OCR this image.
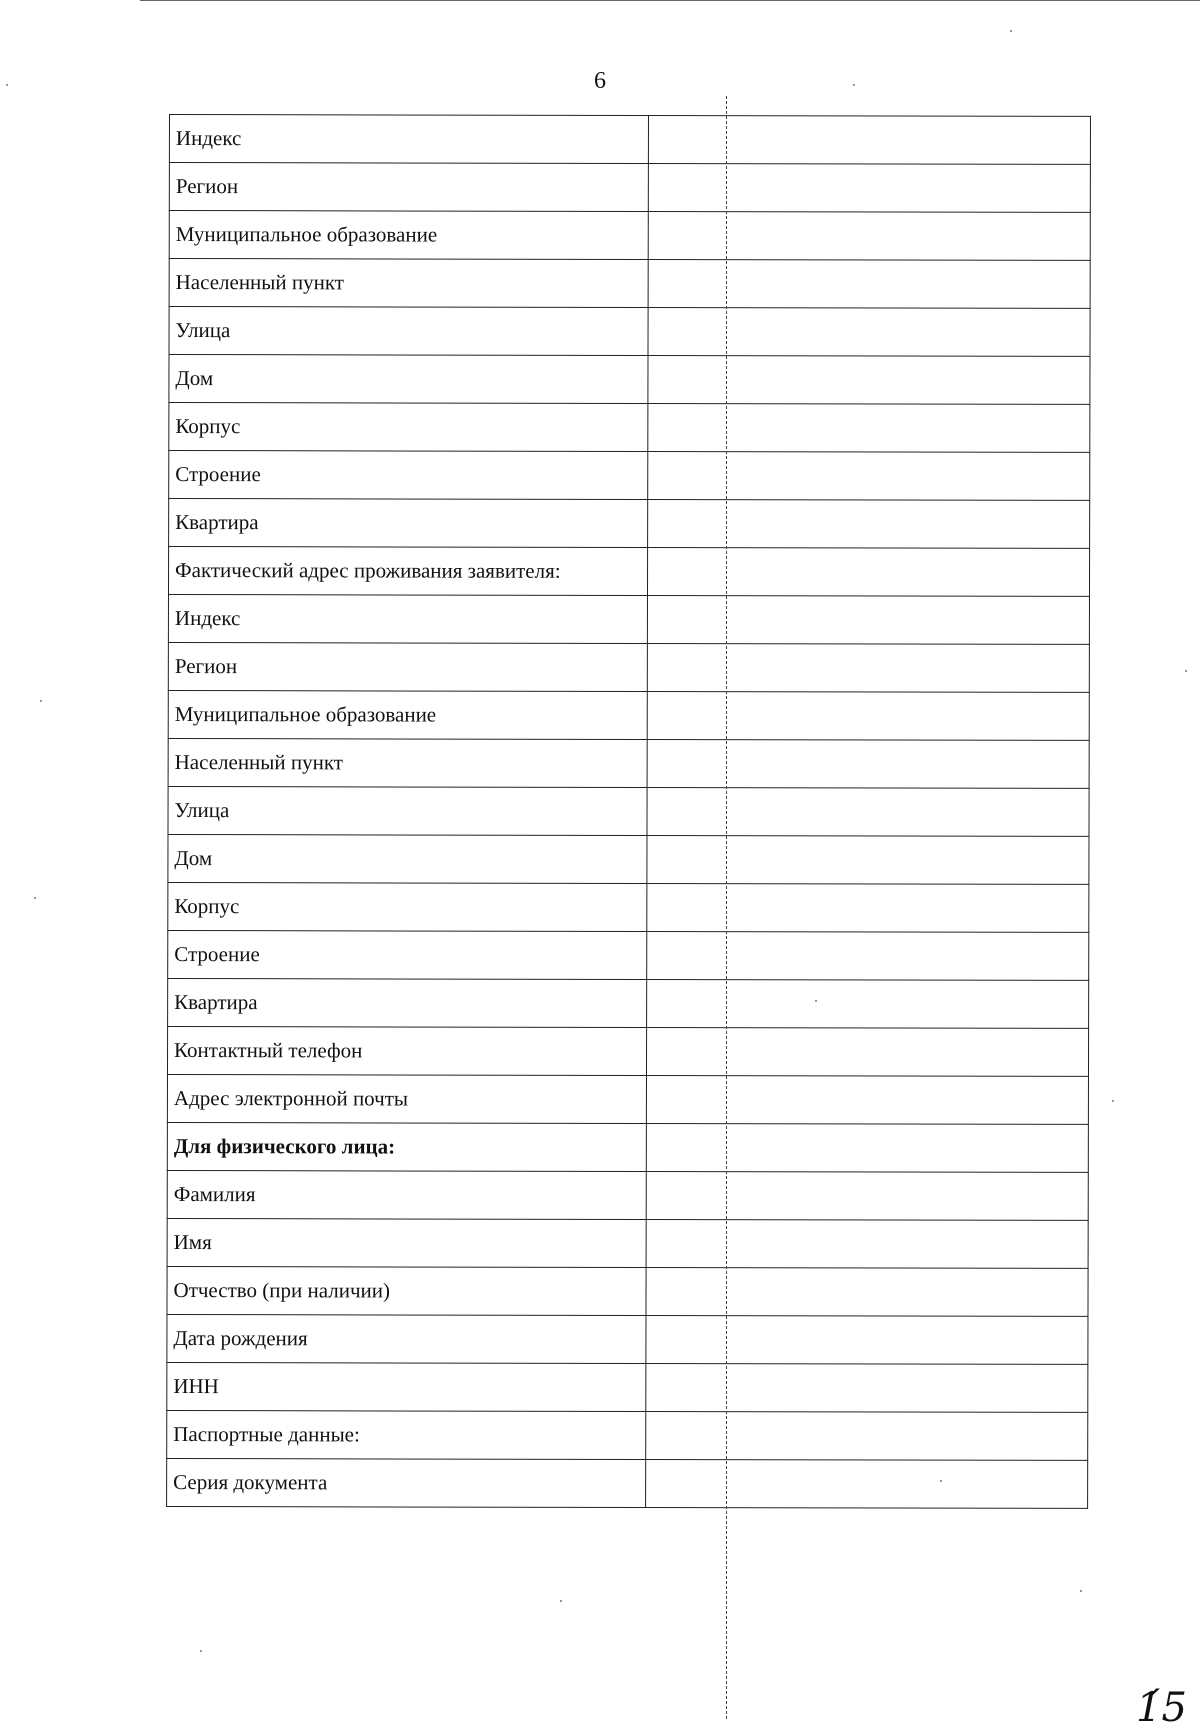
6
Индекс	
Регион	
Муниципальное образование	
Населенный пункт	
Улица	
Дом	
Корпус	
Строение	
Квартира	
Фактический адрес проживания заявителя:	
Индекс	
Регион	
Муниципальное образование	
Населенный пункт	
Улица	
Дом	
Корпус	
Строение	
Квартира	
Контактный телефон	
Адрес электронной почты	
Для физического лица:	
Фамилия	
Имя	
Отчество (при наличии)	
Дата рождения	
ИНН	
Паспортные данные:	
Серия документа	
1́5
